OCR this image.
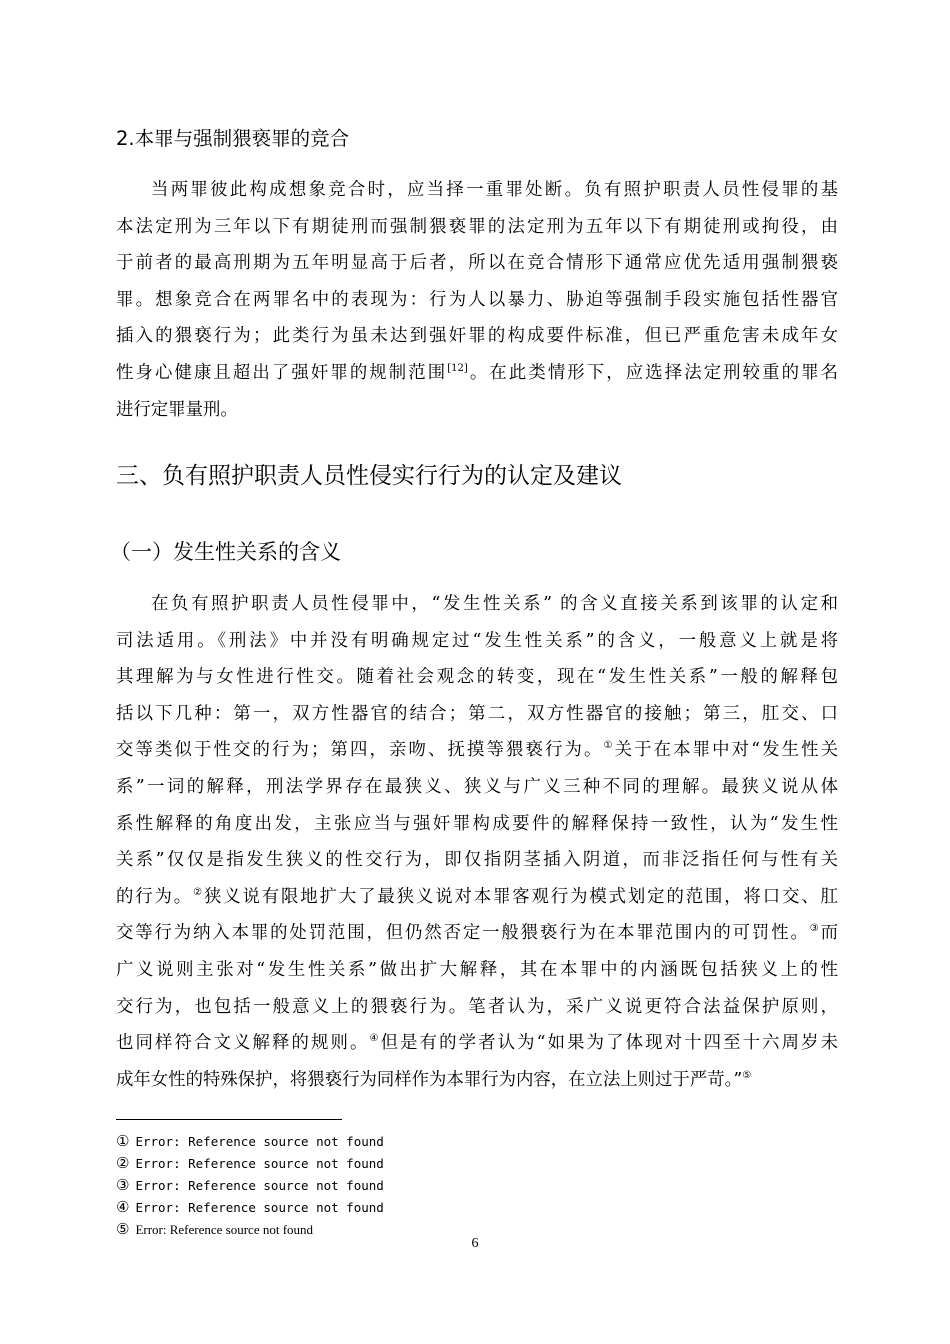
2.本罪与强制猥亵罪的竞合
当两罪彼此构成想象竞合时，应当择一重罪处断。负有照护职责人员性侵罪的基
本法定刑为三年以下有期徒刑而强制猥亵罪的法定刑为五年以下有期徒刑或拘役，由
于前者的最高刑期为五年明显高于后者，所以在竞合情形下通常应优先适用强制猥亵
罪。想象竞合在两罪名中的表现为：行为人以暴力、胁迫等强制手段实施包括性器官
插入的猥亵行为；此类行为虽未达到强奸罪的构成要件标准，但已严重危害未成年女
性身心健康且超出了强奸罪的规制范围[12]。在此类情形下，应选择法定刑较重的罪名
进行定罪量刑。
三、负有照护职责人员性侵实行行为的认定及建议
（一）发生性关系的含义
在负有照护职责人员性侵罪中，“发生性关系” 的含义直接关系到该罪的认定和
司法适用。《刑法》中并没有明确规定过“发生性关系”的含义，一般意义上就是将
其理解为与女性进行性交。随着社会观念的转变，现在“发生性关系”一般的解释包
括以下几种：第一，双方性器官的结合；第二，双方性器官的接触；第三，肛交、口
交等类似于性交的行为；第四，亲吻、抚摸等猥亵行为。①关于在本罪中对“发生性关
系”一词的解释，刑法学界存在最狭义、狭义与广义三种不同的理解。最狭义说从体
系性解释的角度出发，主张应当与强奸罪构成要件的解释保持一致性，认为“发生性
关系”仅仅是指发生狭义的性交行为，即仅指阴茎插入阴道，而非泛指任何与性有关
的行为。②狭义说有限地扩大了最狭义说对本罪客观行为模式划定的范围，将口交、肛
交等行为纳入本罪的处罚范围，但仍然否定一般猥亵行为在本罪范围内的可罚性。③而
广义说则主张对“发生性关系”做出扩大解释，其在本罪中的内涵既包括狭义上的性
交行为，也包括一般意义上的猥亵行为。笔者认为，采广义说更符合法益保护原则，
也同样符合文义解释的规则。④但是有的学者认为“如果为了体现对十四至十六周岁未
成年女性的特殊保护，将猥亵行为同样作为本罪行为内容，在立法上则过于严苛。”⑤
① Error: Reference source not found
② Error: Reference source not found
③ Error: Reference source not found
④ Error: Reference source not found
⑤ Error: Reference source not found
6
